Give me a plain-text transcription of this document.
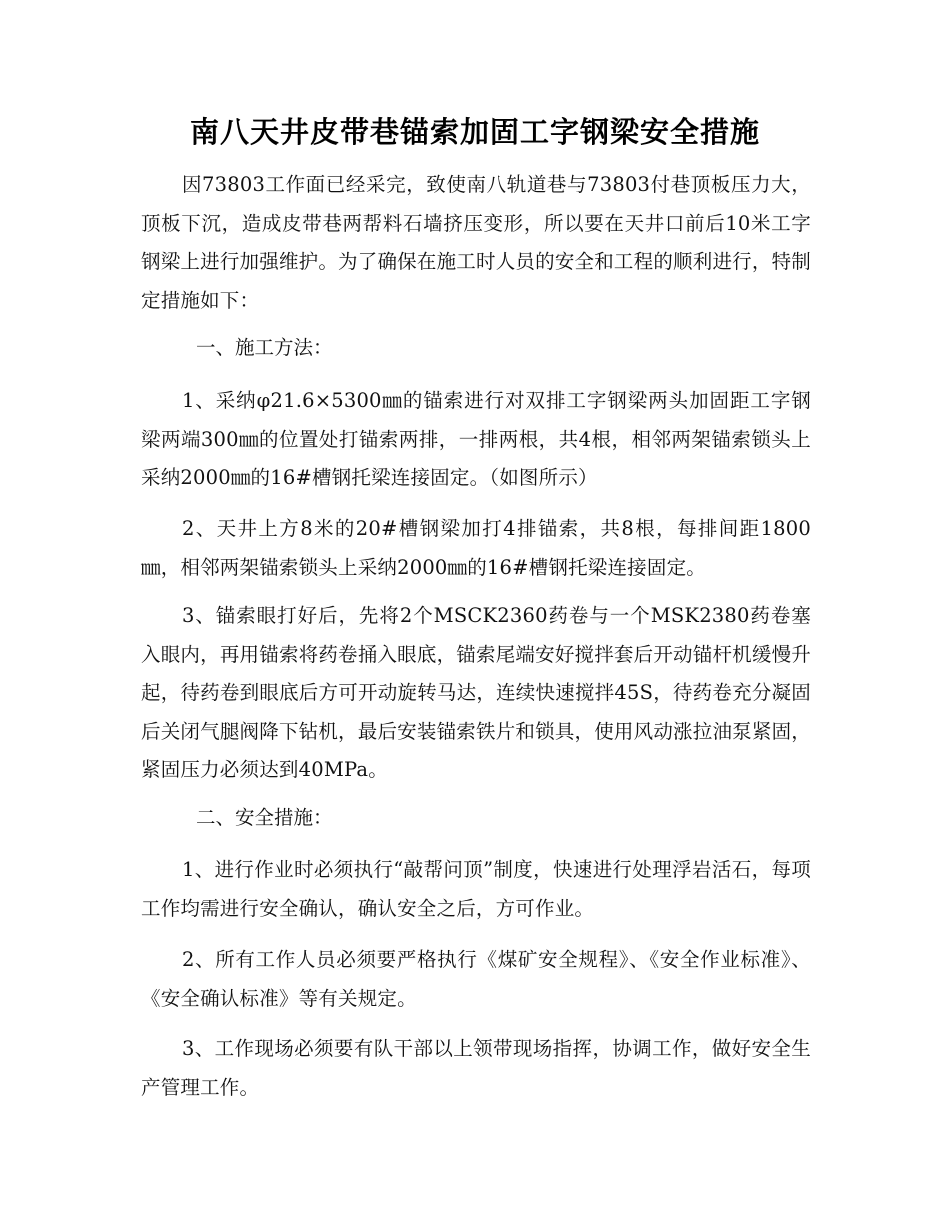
南八天井皮带巷锚索加固工字钢梁安全措施

因73803工作面已经采完，致使南八轨道巷与73803付巷顶板压力大，顶板下沉，造成皮带巷两帮料石墙挤压变形，所以要在天井口前后10米工字钢梁上进行加强维护。为了确保在施工时人员的安全和工程的顺利进行，特制定措施如下：

一、施工方法：

1、采纳φ21.6×5300㎜的锚索进行对双排工字钢梁两头加固距工字钢梁两端300㎜的位置处打锚索两排，一排两根，共4根，相邻两架锚索锁头上采纳2000㎜的16#槽钢托梁连接固定。（如图所示）

2、天井上方8米的20#槽钢梁加打4排锚索，共8根，每排间距1800㎜，相邻两架锚索锁头上采纳2000㎜的16#槽钢托梁连接固定。

3、锚索眼打好后，先将2个MSCK2360药卷与一个MSK2380药卷塞入眼内，再用锚索将药卷捅入眼底，锚索尾端安好搅拌套后开动锚杆机缓慢升起，待药卷到眼底后方可开动旋转马达，连续快速搅拌45S，待药卷充分凝固后关闭气腿阀降下钻机，最后安装锚索铁片和锁具，使用风动涨拉油泵紧固，紧固压力必须达到40MPa。

二、安全措施：

1、进行作业时必须执行“敲帮问顶”制度，快速进行处理浮岩活石，每项工作均需进行安全确认，确认安全之后，方可作业。

2、所有工作人员必须要严格执行《煤矿安全规程》、《安全作业标准》、《安全确认标准》等有关规定。

3、工作现场必须要有队干部以上领带现场指挥，协调工作，做好安全生产管理工作。
